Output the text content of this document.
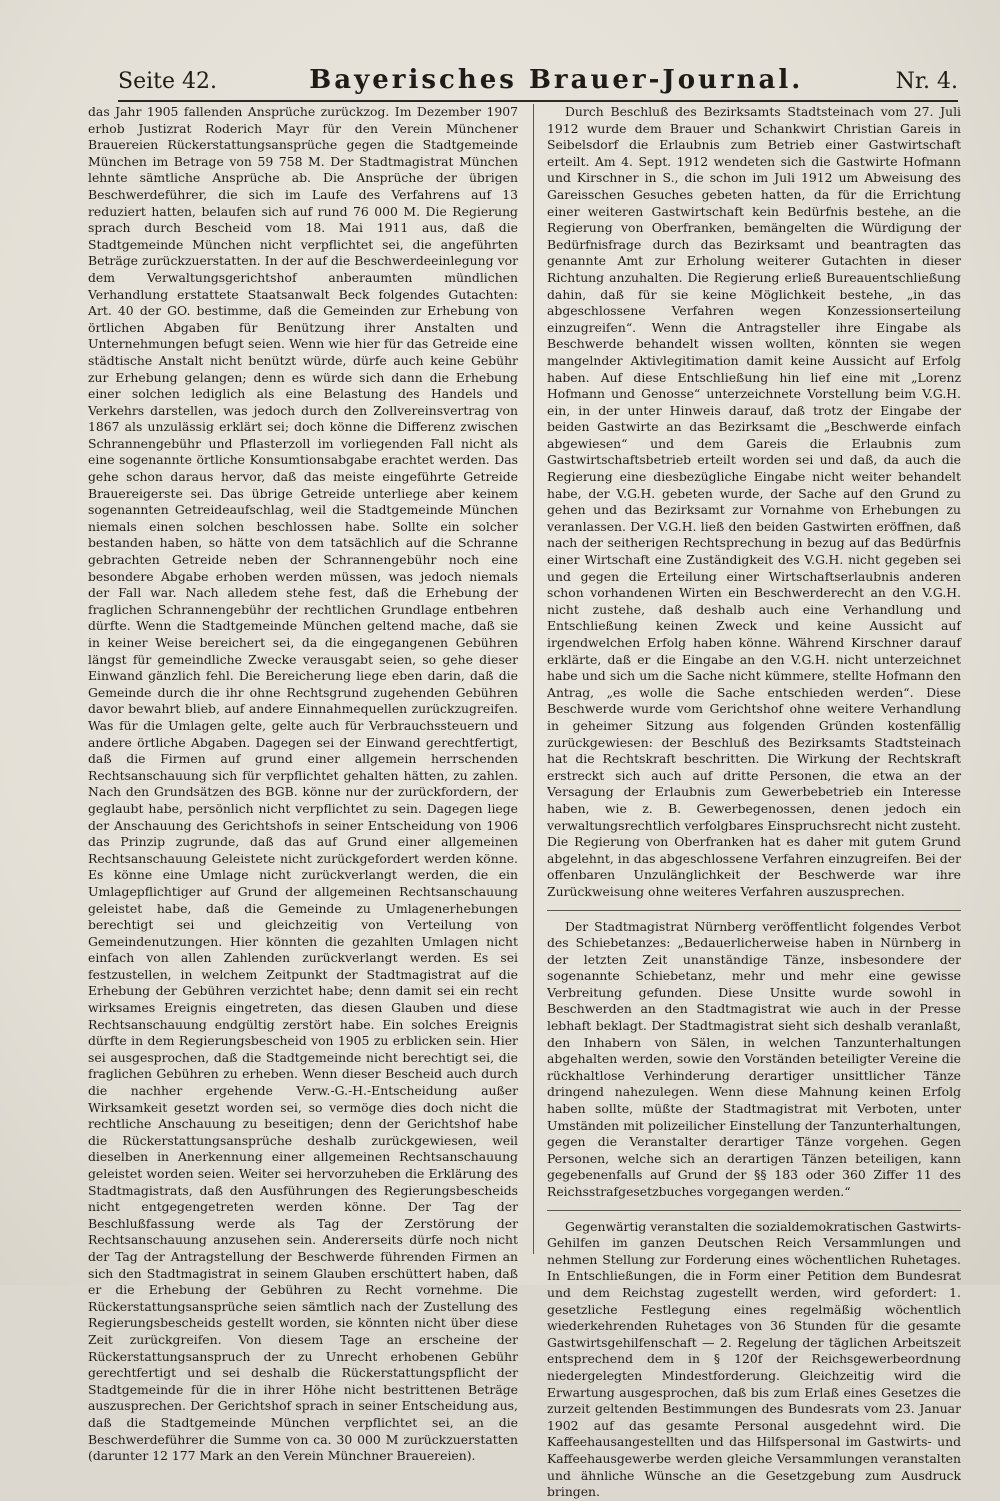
Seite 42.	Bayerisches Brauer-Journal.	Nr. 4.

das Jahr 1905 fallenden Ansprüche zurückzog. Im Dezember 1907 erhob Justizrat Roderich Mayr für den Verein Münchener Brauereien Rückerstattungsansprüche gegen die Stadtgemeinde München im Betrage von 59 758 M. Der Stadtmagistrat München lehnte sämtliche Ansprüche ab. Die Ansprüche der übrigen Beschwerdeführer, die sich im Laufe des Verfahrens auf 13 reduziert hatten, belaufen sich auf rund 76 000 M. Die Regierung sprach durch Bescheid vom 18. Mai 1911 aus, daß die Stadtgemeinde München nicht verpflichtet sei, die angeführten Beträge zurückzuerstatten. In der auf die Beschwerdeeinlegung vor dem Verwaltungsgerichtshof anberaumten mündlichen Verhandlung erstattete Staatsanwalt Beck folgendes Gutachten: Art. 40 der GO. bestimme, daß die Gemeinden zur Erhebung von örtlichen Abgaben für Benützung ihrer Anstalten und Unternehmungen befugt seien. Wenn wie hier für das Getreide eine städtische Anstalt nicht benützt würde, dürfe auch keine Gebühr zur Erhebung gelangen; denn es würde sich dann die Erhebung einer solchen lediglich als eine Belastung des Handels und Verkehrs darstellen, was jedoch durch den Zollvereinsvertrag von 1867 als unzulässig erklärt sei; doch könne die Differenz zwischen Schrannengebühr und Pflasterzoll im vorliegenden Fall nicht als eine sogenannte örtliche Konsumtionsabgabe erachtet werden. Das gehe schon daraus hervor, daß das meiste eingeführte Getreide Brauereigerste sei. Das übrige Getreide unterliege aber keinem sogenannten Getreideaufschlag, weil die Stadtgemeinde München niemals einen solchen beschlossen habe. Sollte ein solcher bestanden haben, so hätte von dem tatsächlich auf die Schranne gebrachten Getreide neben der Schrannengebühr noch eine besondere Abgabe erhoben werden müssen, was jedoch niemals der Fall war. Nach alledem stehe fest, daß die Erhebung der fraglichen Schrannengebühr der rechtlichen Grundlage entbehren dürfte. Wenn die Stadtgemeinde München geltend mache, daß sie in keiner Weise bereichert sei, da die eingegangenen Gebühren längst für gemeindliche Zwecke verausgabt seien, so gehe dieser Einwand gänzlich fehl. Die Bereicherung liege eben darin, daß die Gemeinde durch die ihr ohne Rechtsgrund zugehenden Gebühren davor bewahrt blieb, auf andere Einnahmequellen zurückzugreifen. Was für die Umlagen gelte, gelte auch für Verbrauchssteuern und andere örtliche Abgaben. Dagegen sei der Einwand gerechtfertigt, daß die Firmen auf grund einer allgemein herrschenden Rechtsanschauung sich für verpflichtet gehalten hätten, zu zahlen. Nach den Grundsätzen des BGB. könne nur der zurückfordern, der geglaubt habe, persönlich nicht verpflichtet zu sein. Dagegen liege der Anschauung des Gerichtshofs in seiner Entscheidung von 1906 das Prinzip zugrunde, daß das auf Grund einer allgemeinen Rechtsanschauung Geleistete nicht zurückgefordert werden könne. Es könne eine Umlage nicht zurückverlangt werden, die ein Umlagepflichtiger auf Grund der allgemeinen Rechtsanschauung geleistet habe, daß die Gemeinde zu Umlagenerhebungen berechtigt sei und gleichzeitig von Verteilung von Gemeindenutzungen. Hier könnten die gezahlten Umlagen nicht einfach von allen Zahlenden zurückverlangt werden. Es sei festzustellen, in welchem Zeitpunkt der Stadtmagistrat auf die Erhebung der Gebühren verzichtet habe; denn damit sei ein recht wirksames Ereignis eingetreten, das diesen Glauben und diese Rechtsanschauung endgültig zerstört habe. Ein solches Ereignis dürfte in dem Regierungsbescheid von 1905 zu erblicken sein. Hier sei ausgesprochen, daß die Stadtgemeinde nicht berechtigt sei, die fraglichen Gebühren zu erheben. Wenn dieser Bescheid auch durch die nachher ergehende Verw.-G.-H.-Entscheidung außer Wirksamkeit gesetzt worden sei, so vermöge dies doch nicht die rechtliche Anschauung zu beseitigen; denn der Gerichtshof habe die Rückerstattungsansprüche deshalb zurückgewiesen, weil dieselben in Anerkennung einer allgemeinen Rechtsanschauung geleistet worden seien. Weiter sei hervorzuheben die Erklärung des Stadtmagistrats, daß den Ausführungen des Regierungsbescheids nicht entgegengetreten werden könne. Der Tag der Beschlußfassung werde als Tag der Zerstörung der Rechtsanschauung anzusehen sein. Andererseits dürfe noch nicht der Tag der Antragstellung der Beschwerde führenden Firmen an sich den Stadtmagistrat in seinem Glauben erschüttert haben, daß er die Erhebung der Gebühren zu Recht vornehme. Die Rückerstattungsansprüche seien sämtlich nach der Zustellung des Regierungsbescheids gestellt worden, sie könnten nicht über diese Zeit zurückgreifen. Von diesem Tage an erscheine der Rückerstattungsanspruch der zu Unrecht erhobenen Gebühr gerechtfertigt und sei deshalb die Rückerstattungspflicht der Stadtgemeinde für die in ihrer Höhe nicht bestrittenen Beträge auszusprechen. Der Gerichtshof sprach in seiner Entscheidung aus, daß die Stadtgemeinde München verpflichtet sei, an die Beschwerdeführer die Summe von ca. 30 000 M zurückzuerstatten (darunter 12 177 Mark an den Verein Münchner Brauereien).

Durch Beschluß des Bezirksamts Stadtsteinach vom 27. Juli 1912 wurde dem Brauer und Schankwirt Christian Gareis in Seibelsdorf die Erlaubnis zum Betrieb einer Gastwirtschaft erteilt. Am 4. Sept. 1912 wendeten sich die Gastwirte Hofmann und Kirschner in S., die schon im Juli 1912 um Abweisung des Gareisschen Gesuches gebeten hatten, da für die Errichtung einer weiteren Gastwirtschaft kein Bedürfnis bestehe, an die Regierung von Oberfranken, bemängelten die Würdigung der Bedürfnisfrage durch das Bezirksamt und beantragten das genannte Amt zur Erholung weiterer Gutachten in dieser Richtung anzuhalten. Die Regierung erließ Bureauentschließung dahin, daß für sie keine Möglichkeit bestehe, „in das abgeschlossene Verfahren wegen Konzessionserteilung einzugreifen“. Wenn die Antragsteller ihre Eingabe als Beschwerde behandelt wissen wollten, könnten sie wegen mangelnder Aktivlegitimation damit keine Aussicht auf Erfolg haben. Auf diese Entschließung hin lief eine mit „Lorenz Hofmann und Genosse“ unterzeichnete Vorstellung beim V.G.H. ein, in der unter Hinweis darauf, daß trotz der Eingabe der beiden Gastwirte an das Bezirksamt die „Beschwerde einfach abgewiesen“ und dem Gareis die Erlaubnis zum Gastwirtschaftsbetrieb erteilt worden sei und daß, da auch die Regierung eine diesbezügliche Eingabe nicht weiter behandelt habe, der V.G.H. gebeten wurde, der Sache auf den Grund zu gehen und das Bezirksamt zur Vornahme von Erhebungen zu veranlassen. Der V.G.H. ließ den beiden Gastwirten eröffnen, daß nach der seitherigen Rechtsprechung in bezug auf das Bedürfnis einer Wirtschaft eine Zuständigkeit des V.G.H. nicht gegeben sei und gegen die Erteilung einer Wirtschaftserlaubnis anderen schon vorhandenen Wirten ein Beschwerderecht an den V.G.H. nicht zustehe, daß deshalb auch eine Verhandlung und Entschließung keinen Zweck und keine Aussicht auf irgendwelchen Erfolg haben könne. Während Kirschner darauf erklärte, daß er die Eingabe an den V.G.H. nicht unterzeichnet habe und sich um die Sache nicht kümmere, stellte Hofmann den Antrag, „es wolle die Sache entschieden werden“. Diese Beschwerde wurde vom Gerichtshof ohne weitere Verhandlung in geheimer Sitzung aus folgenden Gründen kostenfällig zurückgewiesen: der Beschluß des Bezirksamts Stadtsteinach hat die Rechtskraft beschritten. Die Wirkung der Rechtskraft erstreckt sich auch auf dritte Personen, die etwa an der Versagung der Erlaubnis zum Gewerbebetrieb ein Interesse haben, wie z. B. Gewerbegenossen, denen jedoch ein verwaltungsrechtlich verfolgbares Einspruchsrecht nicht zusteht. Die Regierung von Oberfranken hat es daher mit gutem Grund abgelehnt, in das abgeschlossene Verfahren einzugreifen. Bei der offenbaren Unzulänglichkeit der Beschwerde war ihre Zurückweisung ohne weiteres Verfahren auszusprechen.

Der Stadtmagistrat Nürnberg veröffentlicht folgendes Verbot des Schiebetanzes: „Bedauerlicherweise haben in Nürnberg in der letzten Zeit unanständige Tänze, insbesondere der sogenannte Schiebetanz, mehr und mehr eine gewisse Verbreitung gefunden. Diese Unsitte wurde sowohl in Beschwerden an den Stadtmagistrat wie auch in der Presse lebhaft beklagt. Der Stadtmagistrat sieht sich deshalb veranlaßt, den Inhabern von Sälen, in welchen Tanzunterhaltungen abgehalten werden, sowie den Vorständen beteiligter Vereine die rückhaltlose Verhinderung derartiger unsittlicher Tänze dringend nahezulegen. Wenn diese Mahnung keinen Erfolg haben sollte, müßte der Stadtmagistrat mit Verboten, unter Umständen mit polizeilicher Einstellung der Tanzunterhaltungen, gegen die Veranstalter derartiger Tänze vorgehen. Gegen Personen, welche sich an derartigen Tänzen beteiligen, kann gegebenenfalls auf Grund der §§ 183 oder 360 Ziffer 11 des Reichsstrafgesetzbuches vorgegangen werden.“

Gegenwärtig veranstalten die sozialdemokratischen Gastwirts-Gehilfen im ganzen Deutschen Reich Versammlungen und nehmen Stellung zur Forderung eines wöchentlichen Ruhetages. In Entschließungen, die in Form einer Petition dem Bundesrat und dem Reichstag zugestellt werden, wird gefordert: 1. gesetzliche Festlegung eines regelmäßig wöchentlich wiederkehrenden Ruhetages von 36 Stunden für die gesamte Gastwirtsgehilfenschaft — 2. Regelung der täglichen Arbeitszeit entsprechend dem in § 120f der Reichsgewerbeordnung niedergelegten Mindestforderung. Gleichzeitig wird die Erwartung ausgesprochen, daß bis zum Erlaß eines Gesetzes die zurzeit geltenden Bestimmungen des Bundesrats vom 23. Januar 1902 auf das gesamte Personal ausgedehnt wird. Die Kaffeehausangestellten und das Hilfspersonal im Gastwirts- und Kaffeehausgewerbe werden gleiche Versammlungen veranstalten und ähnliche Wünsche an die Gesetzgebung zum Ausdruck bringen.
